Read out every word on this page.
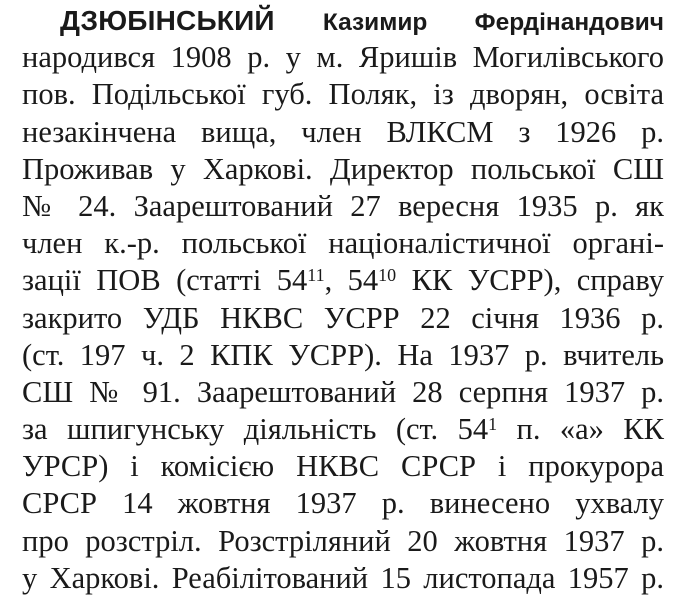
ДЗЮБІНСЬКИЙ Казимир Фердінандович
народився 1908 р. у м. Яришів Могилівського
пов. Подільської губ. Поляк, із дворян, освіта
незакінчена вища, член ВЛКСМ з 1926 р.
Проживав у Харкові. Директор польської СШ
№ 24. Заарештований 27 вересня 1935 р. як
член к.-р. польської націоналістичної органі-
зації ПОВ (статті $54^{11}$, $54^{10}$ КК УСРР), справу
закрито УДБ НКВС УСРР 22 січня 1936 р.
(ст. 197 ч. 2 КПК УСРР). На 1937 р. вчитель
СШ № 91. Заарештований 28 серпня 1937 р.
за шпигунську діяльність (ст. $54^1$ п. «а» КК
УРСР) і комісією НКВС СРСР і прокурора
СРСР 14 жовтня 1937 р. винесено ухвалу
про розстріл. Розстріляний 20 жовтня 1937 р.
у Харкові. Реабілітований 15 листопада 1957 р.
